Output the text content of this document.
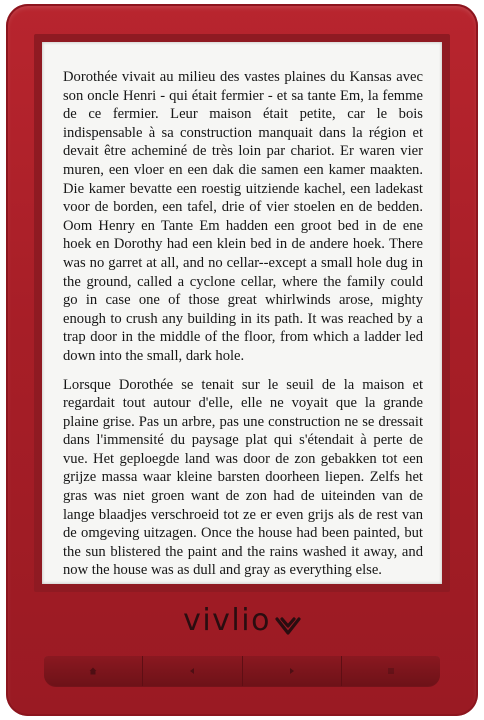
Dorothée vivait au milieu des vastes plaines du Kansas avec son oncle Henri - qui était fermier - et sa tante Em, la femme de ce fermier. Leur maison était petite, car le bois indispensable à sa construction manquait dans la région et devait être acheminé de très loin par chariot. Er waren vier muren, een vloer en een dak die samen een kamer maakten. Die kamer bevatte een roestig uitziende kachel, een ladekast voor de borden, een tafel, drie of vier stoelen en de bedden. Oom Henry en Tante Em hadden een groot bed in de ene hoek en Dorothy had een klein bed in de andere hoek. There was no garret at all, and no cellar--except a small hole dug in the ground, called a cyclone cellar, where the family could go in case one of those great whirlwinds arose, mighty enough to crush any building in its path. It was reached by a trap door in the middle of the floor, from which a ladder led down into the small, dark hole.

Lorsque Dorothée se tenait sur le seuil de la maison et regardait tout autour d'elle, elle ne voyait que la grande plaine grise. Pas un arbre, pas une construction ne se dressait dans l'immensité du paysage plat qui s'étendait à perte de vue. Het geploegde land was door de zon gebakken tot een grijze massa waar kleine barsten doorheen liepen. Zelfs het gras was niet groen want de zon had de uiteinden van de lange blaadjes verschroeid tot ze er even grijs als de rest van de omgeving uitzagen. Once the house had been painted, but the sun blistered the paint and the rains washed it away, and now the house was as dull and gray as everything else.

vivlio
